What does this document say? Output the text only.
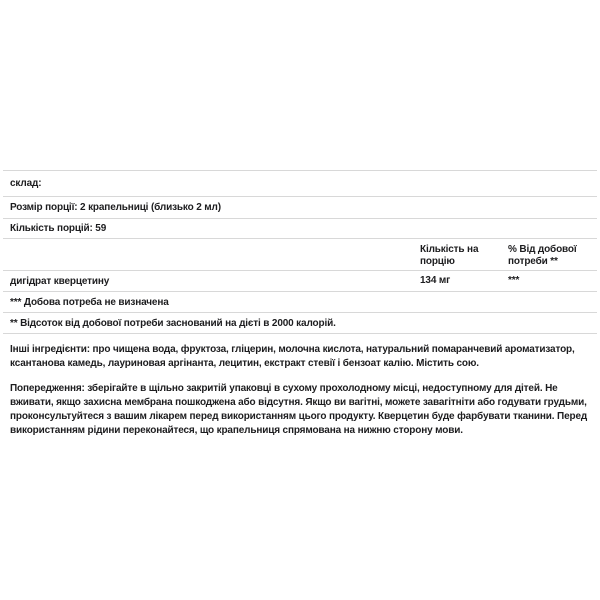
склад:
Розмір порції: 2 крапельниці (близько 2 мл)
Кількість порцій: 59
Кількість на порцію
% Від добової потреби **
дигідрат кверцетину	134 мг	***
*** Добова потреба не визначена
** Відсоток від добової потреби заснований на дієті в 2000 калорій.

Інші інгредієнти: про чищена вода, фруктоза, гліцерин, молочна кислота, натуральний помаранчевий ароматизатор, ксантанова камедь, лауриновая аргінанта, лецитин, екстракт стевії і бензоат калію. Містить сою.

Попередження: зберігайте в щільно закритій упаковці в сухому прохолодному місці, недоступному для дітей. Не вживати, якщо захисна мембрана пошкоджена або відсутня. Якщо ви вагітні, можете завагітніти або годувати грудьми, проконсультуйтеся з вашим лікарем перед використанням цього продукту. Кверцетин буде фарбувати тканини. Перед використанням рідини переконайтеся, що крапельниця спрямована на нижню сторону мови.
